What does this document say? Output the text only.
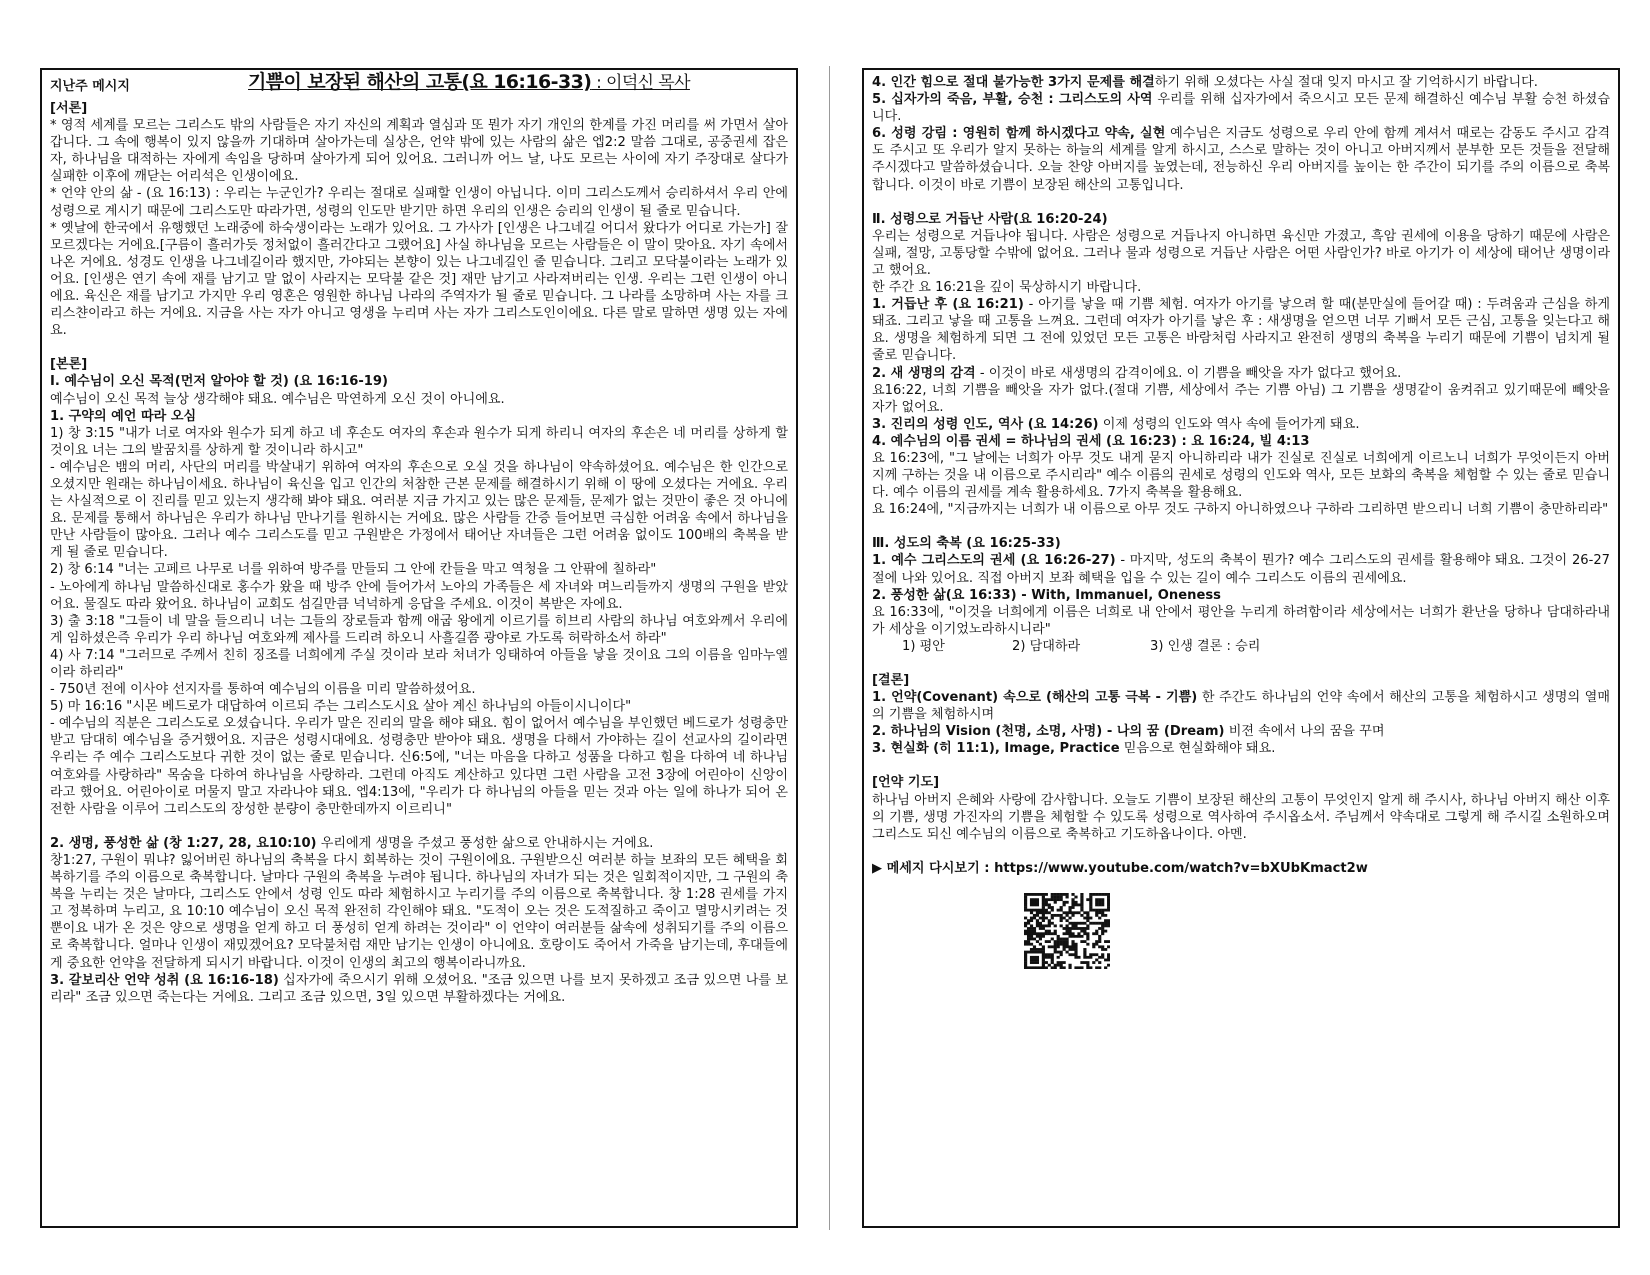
지난주 메시지	기쁨이 보장된 해산의 고통(요 16:16-33) : 이덕신 목사

[서론]

* 영적 세계를 모르는 그리스도 밖의 사람들은 자기 자신의 계획과 열심과 또 뭔가 자기 개인의 한계를 가진 머리를 써 가면서 살아갑니다. 그 속에 행복이 있지 않을까 기대하며 살아가는데 실상은, 언약 밖에 있는 사람의 삶은 엡2:2 말씀 그대로, 공중권세 잡은자, 하나님을 대적하는 자에게 속임을 당하며 살아가게 되어 있어요. 그러니까 어느 날, 나도 모르는 사이에 자기 주장대로 살다가 실패한 이후에 깨닫는 어리석은 인생이에요.

* 언약 안의 삶 - (요 16:13) : 우리는 누군인가? 우리는 절대로 실패할 인생이 아닙니다. 이미 그리스도께서 승리하셔서 우리 안에 성령으로 계시기 때문에 그리스도만 따라가면, 성령의 인도만 받기만 하면 우리의 인생은 승리의 인생이 될 줄로 믿습니다.

* 옛날에 한국에서 유행했던 노래중에 하숙생이라는 노래가 있어요. 그 가사가 [인생은 나그네길 어디서 왔다가 어디로 가는가] 잘 모르겠다는 거에요.[구름이 흘러가듯 정처없이 흘러간다고 그랬어요] 사실 하나님을 모르는 사람들은 이 말이 맞아요. 자기 속에서 나온 거에요. 성경도 인생을 나그네길이라 했지만, 가야되는 본향이 있는 나그네길인 줄 믿습니다. 그리고 모닥불이라는 노래가 있어요. [인생은 연기 속에 재를 남기고 말 없이 사라지는 모닥불 같은 것] 재만 남기고 사라져버리는 인생. 우리는 그런 인생이 아니에요. 육신은 재를 남기고 가지만 우리 영혼은 영원한 하나님 나라의 주역자가 될 줄로 믿습니다. 그 나라를 소망하며 사는 자를 크리스챤이라고 하는 거에요. 지금을 사는 자가 아니고 영생을 누리며 사는 자가 그리스도인이에요. 다른 말로 말하면 생명 있는 자에요.

[본론]

Ⅰ. 예수님이 오신 목적(먼저 알아야 할 것) (요 16:16-19)

예수님이 오신 목적 늘상 생각해야 돼요. 예수님은 막연하게 오신 것이 아니에요.

1. 구약의 예언 따라 오심

1) 창 3:15 "내가 너로 여자와 원수가 되게 하고 네 후손도 여자의 후손과 원수가 되게 하리니 여자의 후손은 네 머리를 상하게 할 것이요 너는 그의 발꿈치를 상하게 할 것이니라 하시고"

- 예수님은 뱀의 머리, 사단의 머리를 박살내기 위하여 여자의 후손으로 오실 것을 하나님이 약속하셨어요. 예수님은 한 인간으로 오셨지만 원래는 하나님이세요. 하나님이 육신을 입고 인간의 처참한 근본 문제를 해결하시기 위해 이 땅에 오셨다는 거에요. 우리는 사실적으로 이 진리를 믿고 있는지 생각해 봐야 돼요. 여러분 지금 가지고 있는 많은 문제들, 문제가 없는 것만이 좋은 것 아니에요. 문제를 통해서 하나님은 우리가 하나님 만나기를 원하시는 거에요. 많은 사람들 간증 들어보면 극심한 어려움 속에서 하나님을 만난 사람들이 많아요. 그러나 예수 그리스도를 믿고 구원받은 가정에서 태어난 자녀들은 그런 어려움 없이도 100배의 축복을 받게 될 줄로 믿습니다.

2) 창 6:14 "너는 고페르 나무로 너를 위하여 방주를 만들되 그 안에 칸들을 막고 역청을 그 안팎에 칠하라"

- 노아에게 하나님 말씀하신대로 홍수가 왔을 때 방주 안에 들어가서 노아의 가족들은 세 자녀와 며느리들까지 생명의 구원을 받았어요. 물질도 따라 왔어요. 하나님이 교회도 섬길만큼 넉넉하게 응답을 주세요. 이것이 복받은 자에요.

3) 출 3:18 "그들이 네 말을 들으리니 너는 그들의 장로들과 함께 애굽 왕에게 이르기를 히브리 사람의 하나님 여호와께서 우리에게 임하셨은즉 우리가 우리 하나님 여호와께 제사를 드리려 하오니 사흘길쯤 광야로 가도록 허락하소서 하라"

4) 사 7:14 "그러므로 주께서 친히 징조를 너희에게 주실 것이라 보라 처녀가 잉태하여 아들을 낳을 것이요 그의 이름을 임마누엘이라 하리라"

- 750년 전에 이사야 선지자를 통하여 예수님의 이름을 미리 말씀하셨어요.

5) 마 16:16 "시몬 베드로가 대답하여 이르되 주는 그리스도시요 살아 계신 하나님의 아들이시니이다"

- 예수님의 직분은 그리스도로 오셨습니다. 우리가 말은 진리의 말을 해야 돼요. 힘이 없어서 예수님을 부인했던 베드로가 성령충만 받고 담대히 예수님을 증거했어요. 지금은 성령시대에요. 성령충만 받아야 돼요. 생명을 다해서 가야하는 길이 선교사의 길이라면 우리는 주 예수 그리스도보다 귀한 것이 없는 줄로 믿습니다. 신6:5에, "너는 마음을 다하고 성품을 다하고 힘을 다하여 네 하나님 여호와를 사랑하라" 목숨을 다하여 하나님을 사랑하라. 그런데 아직도 계산하고 있다면 그런 사람을 고전 3장에 어린아이 신앙이라고 했어요. 어린아이로 머물지 말고 자라나야 돼요. 엡4:13에, "우리가 다 하나님의 아들을 믿는 것과 아는 일에 하나가 되어 온전한 사람을 이루어 그리스도의 장성한 분량이 충만한데까지 이르리니"

2. 생명, 풍성한 삶 (창 1:27, 28, 요10:10) 우리에게 생명을 주셨고 풍성한 삶으로 안내하시는 거에요.

창1:27, 구원이 뭐냐? 잃어버린 하나님의 축복을 다시 회복하는 것이 구원이에요. 구원받으신 여러분 하늘 보좌의 모든 혜택을 회복하기를 주의 이름으로 축복합니다. 날마다 구원의 축복을 누려야 됩니다. 하나님의 자녀가 되는 것은 일회적이지만, 그 구원의 축복을 누리는 것은 날마다, 그리스도 안에서 성령 인도 따라 체험하시고 누리기를 주의 이름으로 축복합니다. 창 1:28 권세를 가지고 정복하며 누리고, 요 10:10 예수님이 오신 목적 완전히 각인해야 돼요. "도적이 오는 것은 도적질하고 죽이고 멸망시키려는 것뿐이요 내가 온 것은 양으로 생명을 얻게 하고 더 풍성히 얻게 하려는 것이라" 이 언약이 여러분들 삶속에 성취되기를 주의 이름으로 축복합니다. 얼마나 인생이 재밌겠어요? 모닥불처럼 재만 남기는 인생이 아니에요. 호랑이도 죽어서 가죽을 남기는데, 후대들에게 중요한 언약을 전달하게 되시기 바랍니다. 이것이 인생의 최고의 행복이라니까요.

3. 갈보리산 언약 성취 (요 16:16-18) 십자가에 죽으시기 위해 오셨어요. "조금 있으면 나를 보지 못하겠고 조금 있으면 나를 보리라" 조금 있으면 죽는다는 거에요. 그리고 조금 있으면, 3일 있으면 부활하겠다는 거에요.

4. 인간 힘으로 절대 불가능한 3가지 문제를 해결하기 위해 오셨다는 사실 절대 잊지 마시고 잘 기억하시기 바랍니다.

5. 십자가의 죽음, 부활, 승천 : 그리스도의 사역 우리를 위해 십자가에서 죽으시고 모든 문제 해결하신 예수님 부활 승천 하셨습니다.

6. 성령 강림 : 영원히 함께 하시겠다고 약속, 실현 예수님은 지금도 성령으로 우리 안에 함께 계셔서 때로는 감동도 주시고 감격도 주시고 또 우리가 알지 못하는 하늘의 세계를 알게 하시고, 스스로 말하는 것이 아니고 아버지께서 분부한 모든 것들을 전달해 주시겠다고 말씀하셨습니다. 오늘 찬양 아버지를 높였는데, 전능하신 우리 아버지를 높이는 한 주간이 되기를 주의 이름으로 축복합니다. 이것이 바로 기쁨이 보장된 해산의 고통입니다.

Ⅱ. 성령으로 거듭난 사람(요 16:20-24)

우리는 성령으로 거듭나야 됩니다. 사람은 성령으로 거듭나지 아니하면 육신만 가졌고, 흑암 권세에 이용을 당하기 때문에 사람은 실패, 절망, 고통당할 수밖에 없어요. 그러나 물과 성령으로 거듭난 사람은 어떤 사람인가? 바로 아기가 이 세상에 태어난 생명이라고 했어요.

한 주간 요 16:21을 깊이 묵상하시기 바랍니다.

1. 거듭난 후 (요 16:21) - 아기를 낳을 때 기쁨 체험. 여자가 아기를 낳으려 할 때(분만실에 들어갈 때) : 두려움과 근심을 하게 돼죠. 그리고 낳을 때 고통을 느껴요. 그런데 여자가 아기를 낳은 후 : 새생명을 얻으면 너무 기뻐서 모든 근심, 고통을 잊는다고 해요. 생명을 체험하게 되면 그 전에 있었던 모든 고통은 바람처럼 사라지고 완전히 생명의 축복을 누리기 때문에 기쁨이 넘치게 될 줄로 믿습니다.

2. 새 생명의 감격 - 이것이 바로 새생명의 감격이에요. 이 기쁨을 빼앗을 자가 없다고 했어요.

요16:22, 너희 기쁨을 빼앗을 자가 없다.(절대 기쁨, 세상에서 주는 기쁨 아님) 그 기쁨을 생명같이 움켜쥐고 있기때문에 빼앗을 자가 없어요.

3. 진리의 성령 인도, 역사 (요 14:26) 이제 성령의 인도와 역사 속에 들어가게 돼요.

4. 예수님의 이름 권세 = 하나님의 권세 (요 16:23) : 요 16:24, 빌 4:13

요 16:23에, "그 날에는 너희가 아무 것도 내게 묻지 아니하리라 내가 진실로 진실로 너희에게 이르노니 너희가 무엇이든지 아버지께 구하는 것을 내 이름으로 주시리라" 예수 이름의 권세로 성령의 인도와 역사, 모든 보화의 축복을 체험할 수 있는 줄로 믿습니다. 예수 이름의 권세를 계속 활용하세요. 7가지 축복을 활용해요.

요 16:24에, "지금까지는 너희가 내 이름으로 아무 것도 구하지 아니하였으나 구하라 그리하면 받으리니 너희 기쁨이 충만하리라"

Ⅲ. 성도의 축복 (요 16:25-33)

1. 예수 그리스도의 권세 (요 16:26-27) - 마지막, 성도의 축복이 뭔가? 예수 그리스도의 권세를 활용해야 돼요. 그것이 26-27절에 나와 있어요. 직접 아버지 보좌 혜택을 입을 수 있는 길이 예수 그리스도 이름의 권세에요.

2. 풍성한 삶(요 16:33) - With, Immanuel, Oneness

요 16:33에, "이것을 너희에게 이름은 너희로 내 안에서 평안을 누리게 하려함이라 세상에서는 너희가 환난을 당하나 담대하라내가 세상을 이기었노라하시니라"

1) 평안	2) 담대하라	3) 인생 결론 : 승리

[결론]

1. 언약(Covenant) 속으로 (해산의 고통 극복 - 기쁨) 한 주간도 하나님의 언약 속에서 해산의 고통을 체험하시고 생명의 열매의 기쁨을 체험하시며

2. 하나님의 Vision (천명, 소명, 사명) - 나의 꿈 (Dream) 비젼 속에서 나의 꿈을 꾸며

3. 현실화 (히 11:1), Image, Practice 믿음으로 현실화해야 돼요.

[언약 기도]

하나님 아버지 은혜와 사랑에 감사합니다. 오늘도 기쁨이 보장된 해산의 고통이 무엇인지 알게 해 주시사, 하나님 아버지 해산 이후의 기쁨, 생명 가진자의 기쁨을 체험할 수 있도록 성령으로 역사하여 주시옵소서. 주님께서 약속대로 그렇게 해 주시길 소원하오며 그리스도 되신 예수님의 이름으로 축복하고 기도하옵나이다. 아멘.

▶ 메세지 다시보기 : https://www.youtube.com/watch?v=bXUbKmact2w
